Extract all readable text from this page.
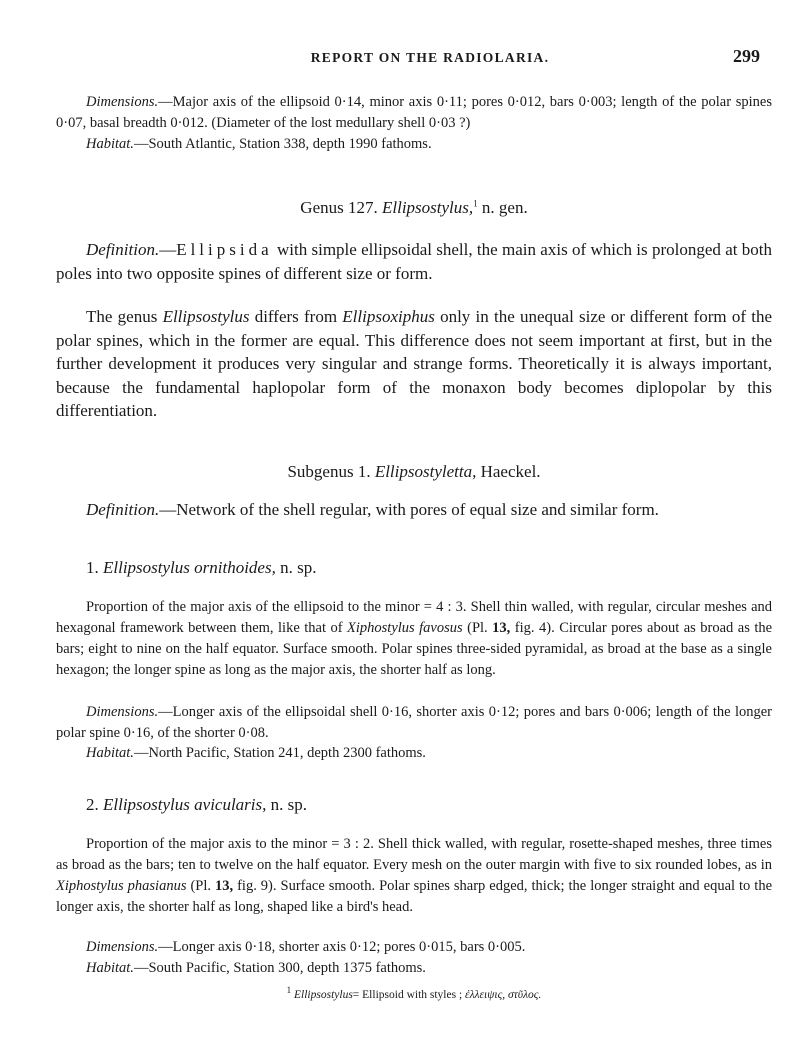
REPORT ON THE RADIOLARIA.	299

Dimensions.—Major axis of the ellipsoid 0·14, minor axis 0·11; pores 0·012, bars 0·003; length of the polar spines 0·07, basal breadth 0·012. (Diameter of the lost medullary shell 0·03 ?)

Habitat.—South Atlantic, Station 338, depth 1990 fathoms.

Genus 127. Ellipsostylus,$^1$ n. gen.

Definition.—Ellipsida with simple ellipsoidal shell, the main axis of which is prolonged at both poles into two opposite spines of different size or form.

The genus Ellipsostylus differs from Ellipsoxiphus only in the unequal size or different form of the polar spines, which in the former are equal. This difference does not seem important at first, but in the further development it produces very singular and strange forms. Theoretically it is always important, because the fundamental haplopolar form of the monaxon body becomes diplopolar by this differentiation.

Subgenus 1. Ellipsostyletta, Haeckel.

Definition.—Network of the shell regular, with pores of equal size and similar form.

1. Ellipsostylus ornithoides, n. sp.

Proportion of the major axis of the ellipsoid to the minor = 4 : 3. Shell thin walled, with regular, circular meshes and hexagonal framework between them, like that of Xiphostylus favosus (Pl. 13, fig. 4). Circular pores about as broad as the bars; eight to nine on the half equator. Surface smooth. Polar spines three-sided pyramidal, as broad at the base as a single hexagon; the longer spine as long as the major axis, the shorter half as long.

Dimensions.—Longer axis of the ellipsoidal shell 0·16, shorter axis 0·12; pores and bars 0·006; length of the longer polar spine 0·16, of the shorter 0·08.

Habitat.—North Pacific, Station 241, depth 2300 fathoms.

2. Ellipsostylus avicularis, n. sp.

Proportion of the major axis to the minor = 3 : 2. Shell thick walled, with regular, rosette-shaped meshes, three times as broad as the bars; ten to twelve on the half equator. Every mesh on the outer margin with five to six rounded lobes, as in Xiphostylus phasianus (Pl. 13, fig. 9). Surface smooth. Polar spines sharp edged, thick; the longer straight and equal to the longer axis, the shorter half as long, shaped like a bird's head.

Dimensions.—Longer axis 0·18, shorter axis 0·12; pores 0·015, bars 0·005.

Habitat.—South Pacific, Station 300, depth 1375 fathoms.

$^1$ Ellipsostylus= Ellipsoid with styles ; ἐλλειψις, στῦλος.
